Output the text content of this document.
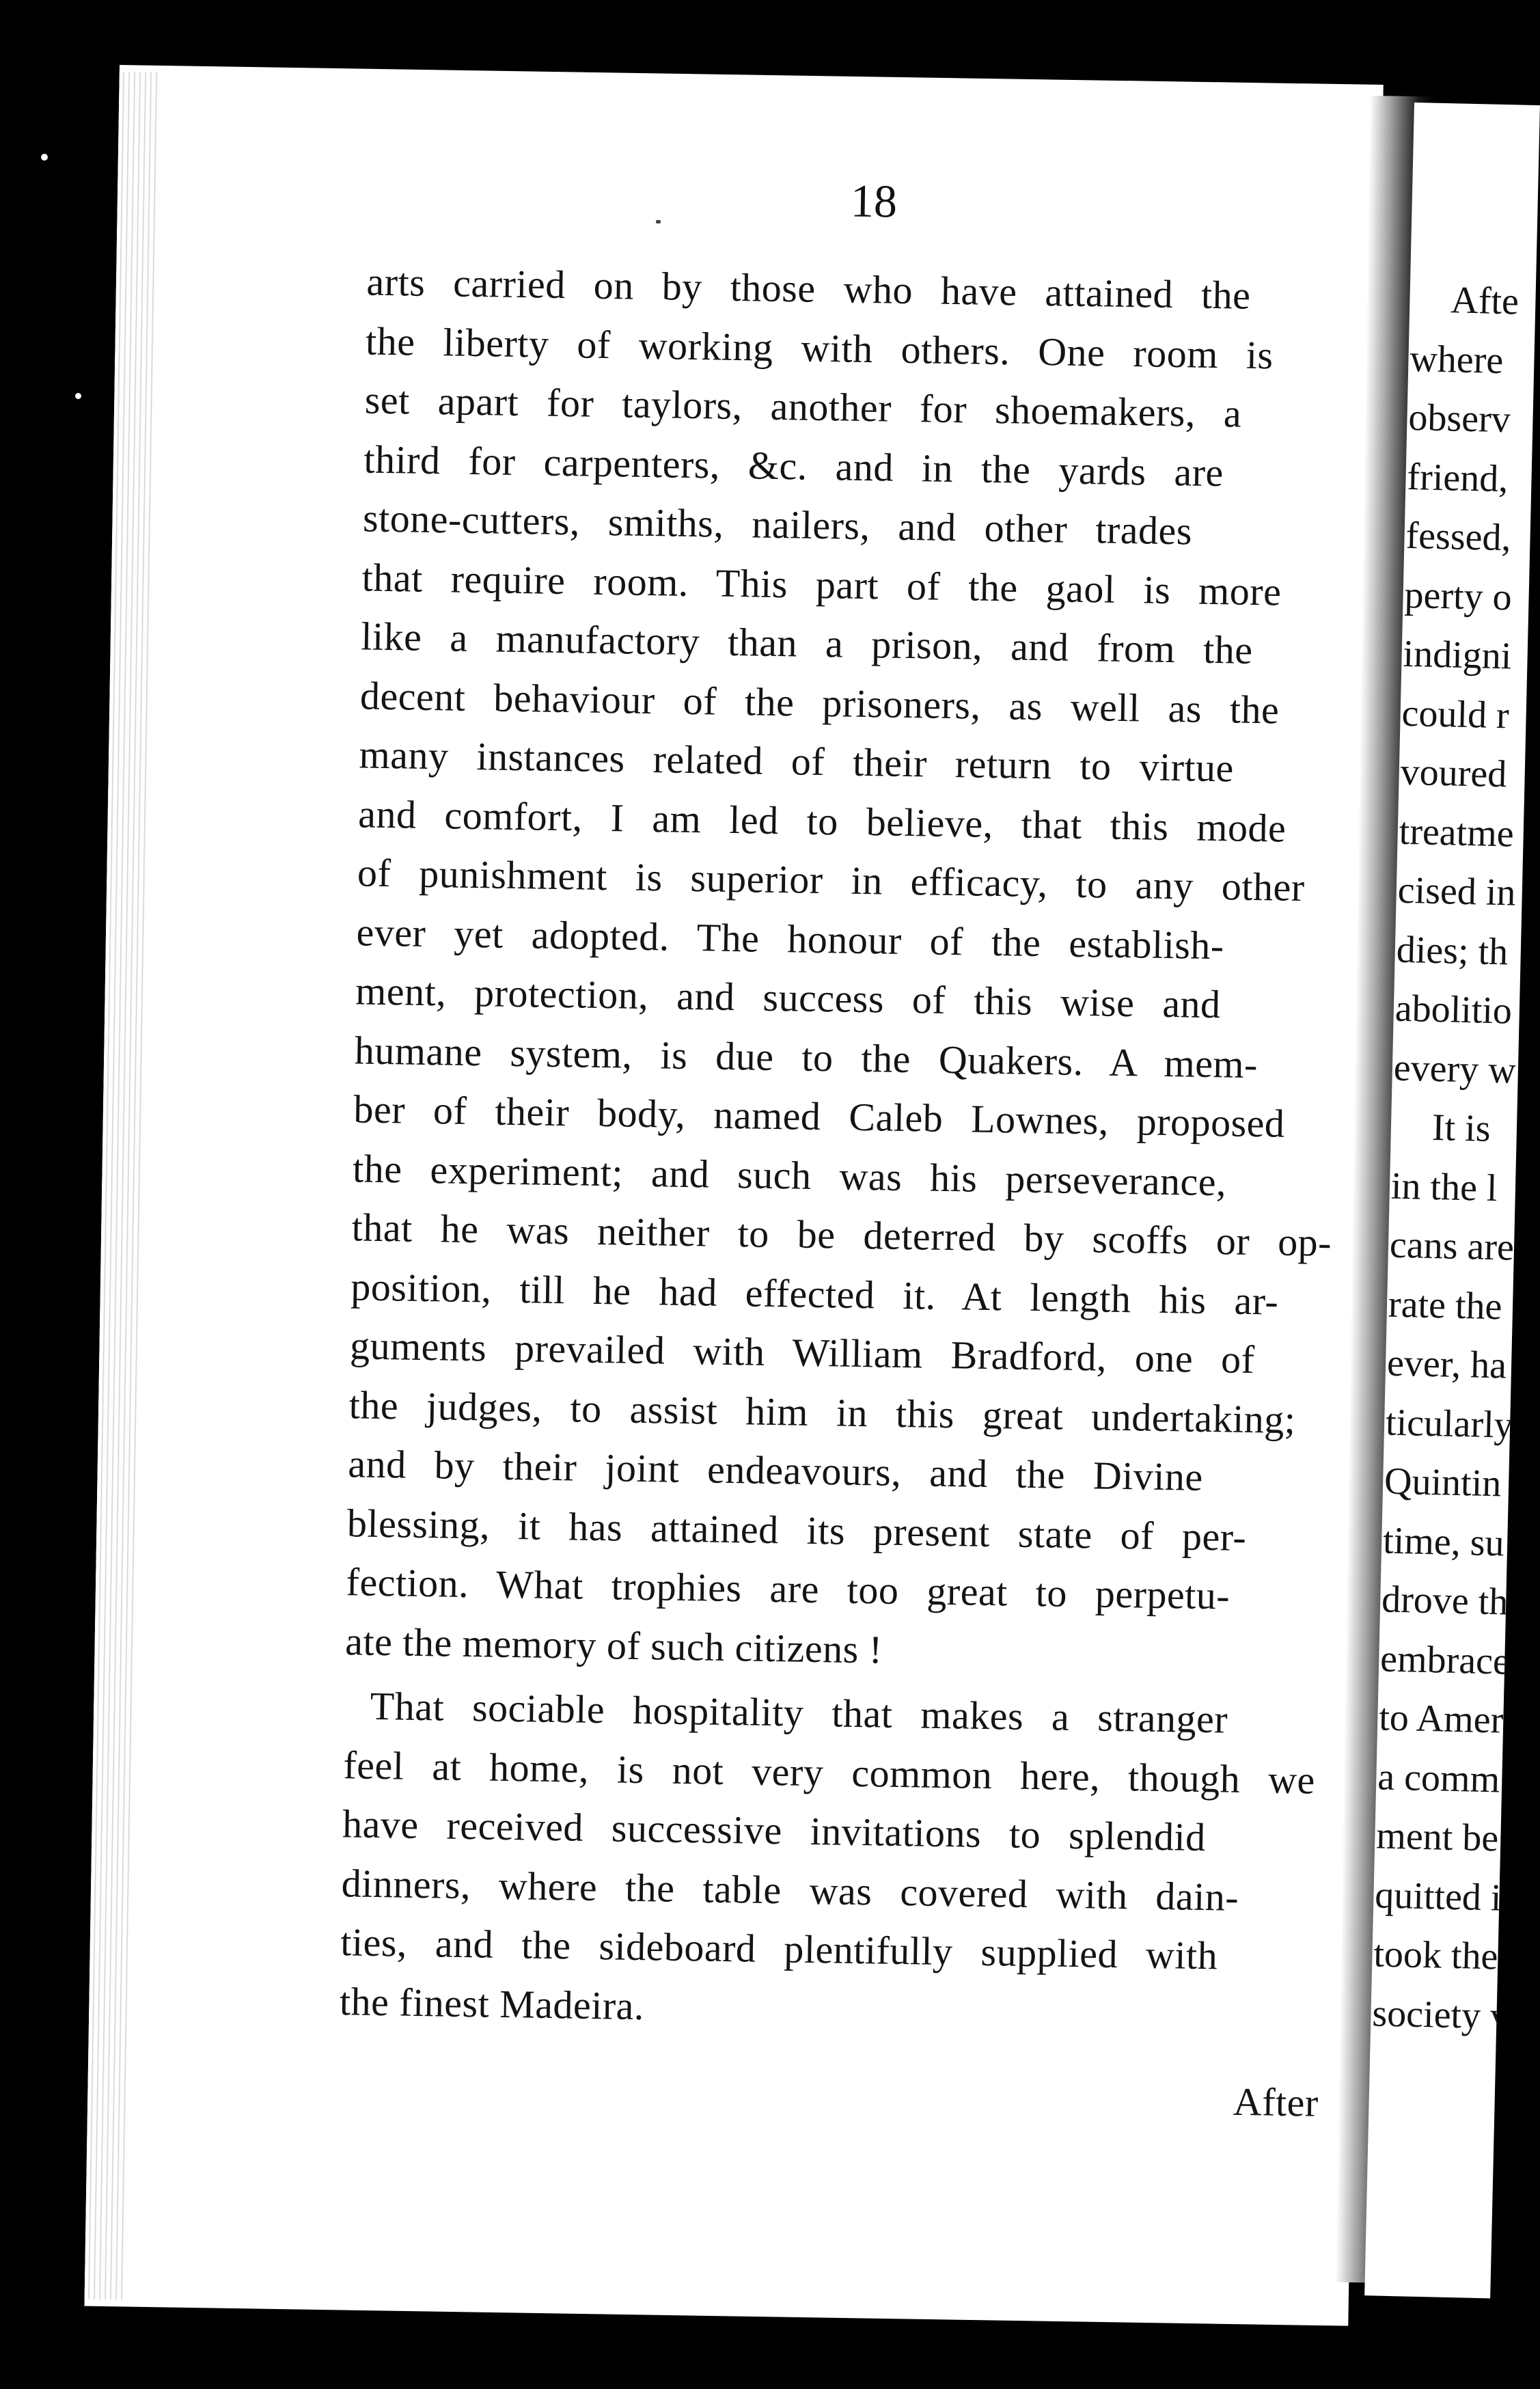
Afte
where
observ
friend,
fessed,
perty o
indigni
could r
voured
treatme
cised in
dies; th
abolitio
every w
It is
in the l
cans are
rate the
ever, ha
ticularly
Quintin
time, su
drove th
embrace
to Amer
a comm
ment be
quitted i
took the
society v
18
arts carried on by those who have attained the
the liberty of working with others. One room is
set apart for taylors, another for shoemakers, a
third for carpenters, &c. and in the yards are
stone-cutters, smiths, nailers, and other trades
that require room. This part of the gaol is more
like a manufactory than a prison, and from the
decent behaviour of the prisoners, as well as the
many instances related of their return to virtue
and comfort, I am led to believe, that this mode
of punishment is superior in efficacy, to any other
ever yet adopted. The honour of the establish-
ment, protection, and success of this wise and
humane system, is due to the Quakers. A mem-
ber of their body, named Caleb Lownes, proposed
the experiment; and such was his perseverance,
that he was neither to be deterred by scoffs or op-
position, till he had effected it. At length his ar-
guments prevailed with William Bradford, one of
the judges, to assist him in this great undertaking;
and by their joint endeavours, and the Divine
blessing, it has attained its present state of per-
fection. What trophies are too great to perpetu-
ate the memory of such citizens !
That sociable hospitality that makes a stranger
feel at home, is not very common here, though we
have received successive invitations to splendid
dinners, where the table was covered with dain-
ties, and the sideboard plentifully supplied with
the finest Madeira.
After
